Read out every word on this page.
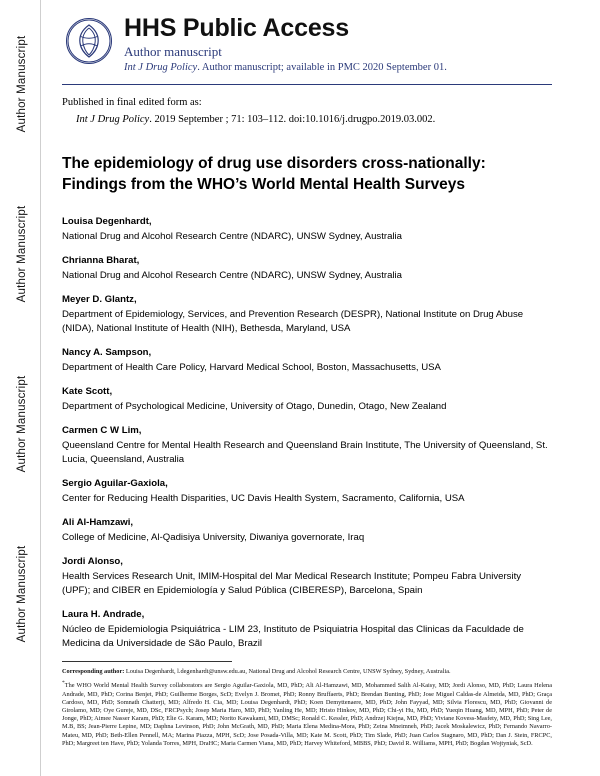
Author Manuscript
Author Manuscript
Author Manuscript
Author Manuscript
HHS Public Access
Author manuscript
Int J Drug Policy. Author manuscript; available in PMC 2020 September 01.
Published in final edited form as:
Int J Drug Policy. 2019 September ; 71: 103–112. doi:10.1016/j.drugpo.2019.03.002.
The epidemiology of drug use disorders cross-nationally: Findings from the WHO’s World Mental Health Surveys
Louisa Degenhardt,
National Drug and Alcohol Research Centre (NDARC), UNSW Sydney, Australia
Chrianna Bharat,
National Drug and Alcohol Research Centre (NDARC), UNSW Sydney, Australia
Meyer D. Glantz,
Department of Epidemiology, Services, and Prevention Research (DESPR), National Institute on Drug Abuse (NIDA), National Institute of Health (NIH), Bethesda, Maryland, USA
Nancy A. Sampson,
Department of Health Care Policy, Harvard Medical School, Boston, Massachusetts, USA
Kate Scott,
Department of Psychological Medicine, University of Otago, Dunedin, Otago, New Zealand
Carmen C W Lim,
Queensland Centre for Mental Health Research and Queensland Brain Institute, The University of Queensland, St. Lucia, Queensland, Australia
Sergio Aguilar-Gaxiola,
Center for Reducing Health Disparities, UC Davis Health System, Sacramento, California, USA
Ali Al-Hamzawi,
College of Medicine, Al-Qadisiya University, Diwaniya governorate, Iraq
Jordi Alonso,
Health Services Research Unit, IMIM-Hospital del Mar Medical Research Institute; Pompeu Fabra University (UPF); and CIBER en Epidemiología y Salud Pública (CIBERESP), Barcelona, Spain
Laura H. Andrade,
Núcleo de Epidemiologia Psiquiátrica - LIM 23, Instituto de Psiquiatria Hospital das Clinicas da Faculdade de Medicina da Universidade de São Paulo, Brazil
Corresponding author: Louisa Degenhardt, l.degenhardt@unsw.edu.au, National Drug and Alcohol Research Centre, UNSW Sydney, Sydney, Australia.
*The WHO World Mental Health Survey collaborators are Sergio Aguilar-Gaxiola, MD, PhD; Ali Al-Hamzawi, MD, Mohammed Salih Al-Kaisy, MD; Jordi Alonso, MD, PhD; Laura Helena Andrade, MD, PhD; Corina Benjet, PhD; Guilherme Borges, ScD; Evelyn J. Bromet, PhD; Ronny Bruffaerts, PhD; Brendan Bunting, PhD; Jose Miguel Caldas-de Almeida, MD, PhD; Graça Cardoso, MD, PhD; Somnath Chatterji, MD; Alfredo H. Cia, MD; Louisa Degenhardt, PhD; Koen Demyttenaere, MD, PhD; John Fayyad, MD; Silvia Florescu, MD, PhD; Giovanni de Girolamo, MD; Oye Gureje, MD, DSc, FRCPsych; Josep Maria Haro, MD, PhD; Yanling He, MD; Hristo Hinkov, MD, PhD; Chi-yi Hu, MD, PhD; Yueqin Huang, MD, MPH, PhD; Peter de Jonge, PhD; Aimee Nasser Karam, PhD; Elie G. Karam, MD; Norito Kawakami, MD, DMSc; Ronald C. Kessler, PhD; Andrzej Kiejna, MD, PhD; Viviane Kovess-Masfety, MD, PhD; Sing Lee, M.B, BS; Jean-Pierre Lepine, MD; Daphna Levinson, PhD; John McGrath, MD, PhD; Maria Elena Medina-Mora, PhD; Zeina Mneimneh, PhD; Jacek Moskalewicz, PhD; Fernando Navarro-Mateu, MD, PhD; Beth-Ellen Pennell, MA; Marina Piazza, MPH, ScD; Jose Posada-Villa, MD; Kate M. Scott, PhD; Tim Slade, PhD; Juan Carlos Stagnaro, MD, PhD; Dan J. Stein, FRCPC, PhD; Margreet ten Have, PhD; Yolanda Torres, MPH, DraHC; Maria Carmen Viana, MD, PhD; Harvey Whiteford, MBBS, PhD; David R. Williams, MPH, PhD; Bogdan Wojtyniak, ScD.
